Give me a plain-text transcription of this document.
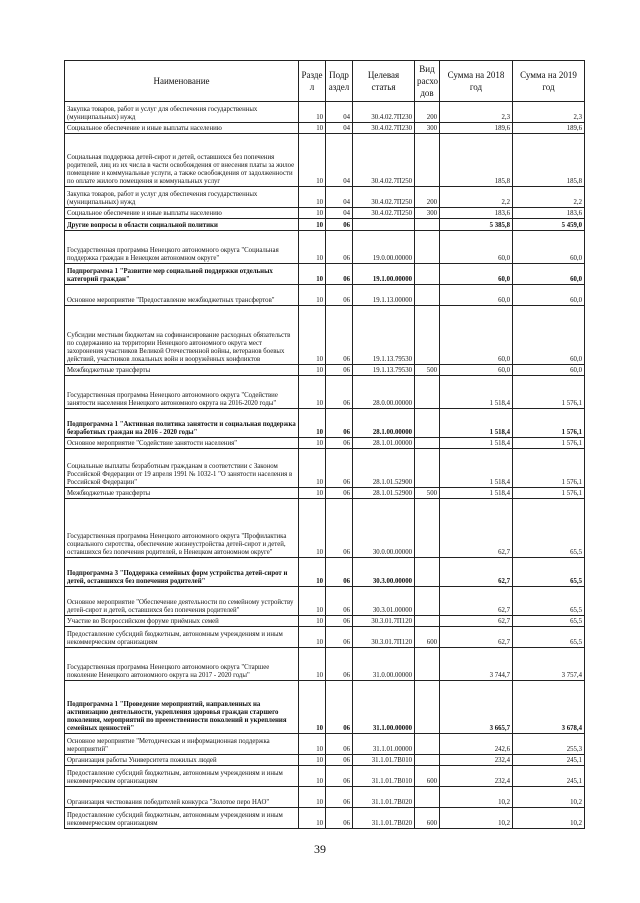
Наименование	Разде л	Подр аздел	Целевая статья	Вид расхо дов	Сумма на 2018 год	Сумма на 2019 год
Закупка товаров, работ и услуг для обеспечения государственных (муниципальных) нужд	10	04	30.4.02.7П230	200	2,3	2,3
Социальное обеспечение и иные выплаты населению	10	04	30.4.02.7П230	300	189,6	189,6
Социальная поддержка детей-сирот и детей, оставшихся без попечения родителей, лиц из их числа в части освобождения от внесения платы за жилое помещение и коммунальные услуги, а также освобождения от задолженности по оплате жилого помещения и коммунальных услуг	10	04	30.4.02.7П250		185,8	185,8
Закупка товаров, работ и услуг для обеспечения государственных (муниципальных) нужд	10	04	30.4.02.7П250	200	2,2	2,2
Социальное обеспечение и иные выплаты населению	10	04	30.4.02.7П250	300	183,6	183,6
Другие вопросы в области социальной политики	10	06			5 385,8	5 459,0
Государственная программа Ненецкого автономного округа "Социальная поддержка граждан в Ненецком автономном округе"	10	06	19.0.00.00000		60,0	60,0
Подпрограмма 1 "Развитие мер социальной поддержки отдельных категорий граждан"	10	06	19.1.00.00000		60,0	60,0
Основное мероприятие "Предоставление межбюджетных трансфертов"	10	06	19.1.13.00000		60,0	60,0
Субсидии местным бюджетам на софинансирование расходных обязательств по содержанию на территории Ненецкого автономного округа мест захоронения участников Великой Отечественной войны, ветеранов боевых действий, участников локальных войн и вооружённых конфликтов	10	06	19.1.13.79530		60,0	60,0
Межбюджетные трансферты	10	06	19.1.13.79530	500	60,0	60,0
Государственная программа Ненецкого автономного округа "Содействие занятости населения Ненецкого автономного округа на 2016-2020 годы"	10	06	28.0.00.00000		1 518,4	1 576,1
Подпрограмма 1 "Активная политика занятости и социальная поддержка безработных граждан на 2016 - 2020 годы"	10	06	28.1.00.00000		1 518,4	1 576,1
Основное мероприятие "Содействие занятости населения"	10	06	28.1.01.00000		1 518,4	1 576,1
Социальные выплаты безработным гражданам в соответствии с Законом Российской Федерации от 19 апреля 1991 № 1032-1 "О занятости населения в Российской Федерации"	10	06	28.1.01.52900		1 518,4	1 576,1
Межбюджетные трансферты	10	06	28.1.01.52900	500	1 518,4	1 576,1
Государственная программа Ненецкого автономного округа "Профилактика социального сиротства, обеспечение жизнеустройства детей-сирот и детей, оставшихся без попечения родителей, в Ненецком автономном округе"	10	06	30.0.00.00000		62,7	65,5
Подпрограмма 3 "Поддержка семейных форм устройства детей-сирот и детей, оставшихся без попечения родителей"	10	06	30.3.00.00000		62,7	65,5
Основное мероприятие "Обеспечение деятельности по семейному устройству детей-сирот и детей, оставшихся без попечения родителей"	10	06	30.3.01.00000		62,7	65,5
Участие во Всероссийском форуме приёмных семей	10	06	30.3.01.7П120		62,7	65,5
Предоставление субсидий бюджетным, автономным учреждениям и иным некоммерческим организациям	10	06	30.3.01.7П120	600	62,7	65,5
Государственная программа Ненецкого автономного округа "Старшее поколение Ненецкого автономного округа на 2017 - 2020 годы"	10	06	31.0.00.00000		3 744,7	3 757,4
Подпрограмма 1 "Проведение мероприятий, направленных на активизацию деятельности, укрепления здоровья граждан старшего поколения, мероприятий по преемственности поколений и укрепления семейных ценностей"	10	06	31.1.00.00000		3 665,7	3 678,4
Основное мероприятие "Методическая и информационная поддержка мероприятий"	10	06	31.1.01.00000		242,6	255,3
Организация работы Университета пожилых людей	10	06	31.1.01.7В010		232,4	245,1
Предоставление субсидий бюджетным, автономным учреждениям и иным некоммерческим организациям	10	06	31.1.01.7В010	600	232,4	245,1
Организация чествования победителей конкурса "Золотое перо НАО"	10	06	31.1.01.7В020		10,2	10,2
Предоставление субсидий бюджетным, автономным учреждениям и иным некоммерческим организациям	10	06	31.1.01.7В020	600	10,2	10,2
39
